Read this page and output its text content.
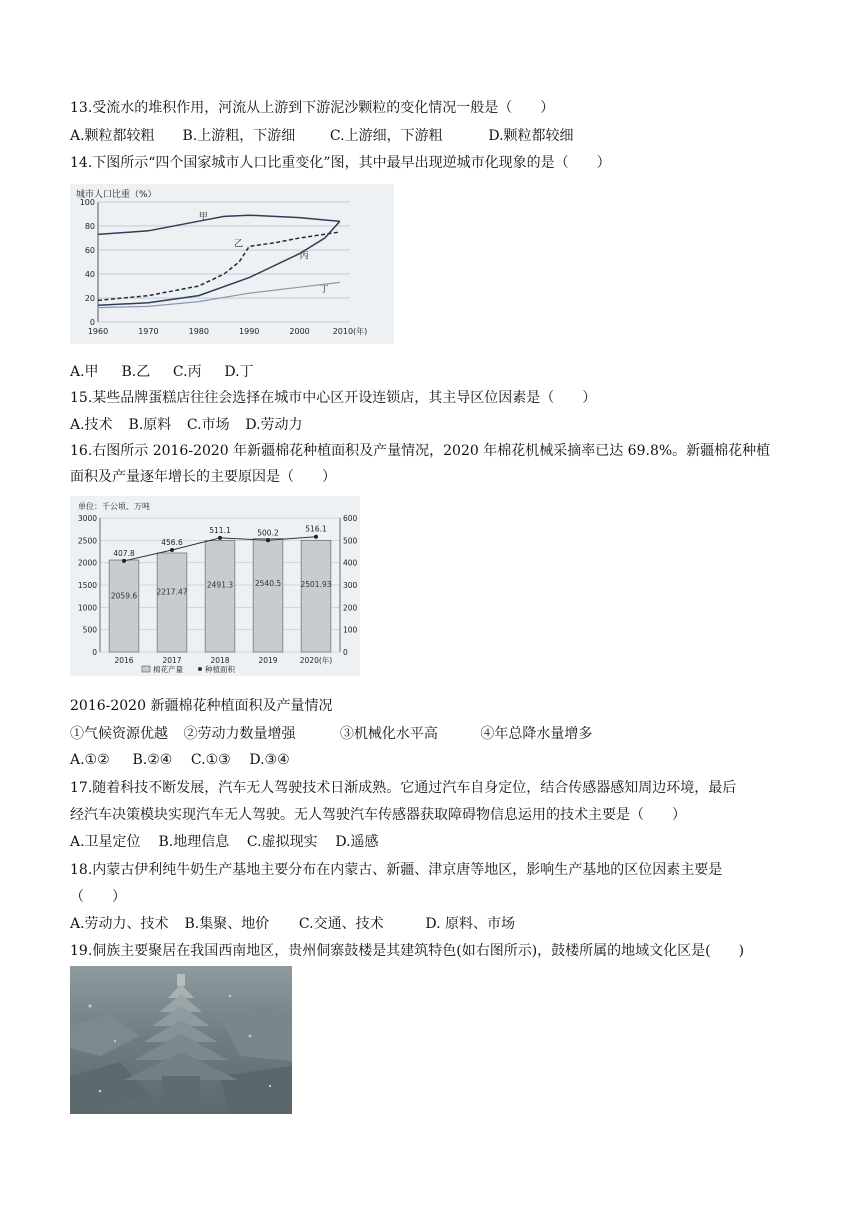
13.受流水的堆积作用，河流从上游到下游泥沙颗粒的变化情况一般是（　　）
A.颗粒都较粗 B.上游粗，下游细 C.上游细，下游粗	D.颗粒都较细
14.下图所示“四个国家城市人口比重变化”图，其中最早出现逆城市化现象的是（　　）
城市人口比重（%）
甲
乙
丙
丁
0
20
40
60
80
100
1960	1970	1980	1990	2000	2010(年)
A.甲 B.乙 C.丙 D.丁
15.某些品牌蛋糕店往往会选择在城市中心区开设连锁店，其主导区位因素是（　　）
A.技术 B.原料 C.市场 D.劳动力
16.右图所示 2016-2020 年新疆棉花种植面积及产量情况，2020 年棉花机械采摘率已达 69.8%。新疆棉花种植
面积及产量逐年增长的主要原因是（　　）
单位：千公顷、万吨
2059.6	2217.47
2491.3	2540.5	2501.93
407.8
456.6
511.1	500.2	516.1
0
500
1000
1500
2000
2500
3000
0
100
200
300
400
500
600
2016	2017	2018	2019	2020(年)
棉花产量	种植面积
2016-2020 新疆棉花种植面积及产量情况
①气候资源优越 ②劳动力数量增强	③机械化水平高	④年总降水量增多
A.①② B.②④ C.①③ D.③④
17.随着科技不断发展，汽车无人驾驶技术日渐成熟。它通过汽车自身定位，结合传感器感知周边环境，最后
经汽车决策模块实现汽车无人驾驶。无人驾驶汽车传感器获取障碍物信息运用的技术主要是（　　）
A.卫星定位 B.地理信息 C.虚拟现实 D.遥感
18.内蒙古伊利纯牛奶生产基地主要分布在内蒙古、新疆、津京唐等地区，影响生产基地的区位因素主要是
（　　）
A.劳动力、技术 B.集聚、地价 C.交通、技术	D. 原料、市场
19.侗族主要聚居在我国西南地区，贵州侗寨鼓楼是其建筑特色(如右图所示)，鼓楼所属的地域文化区是(　　)
